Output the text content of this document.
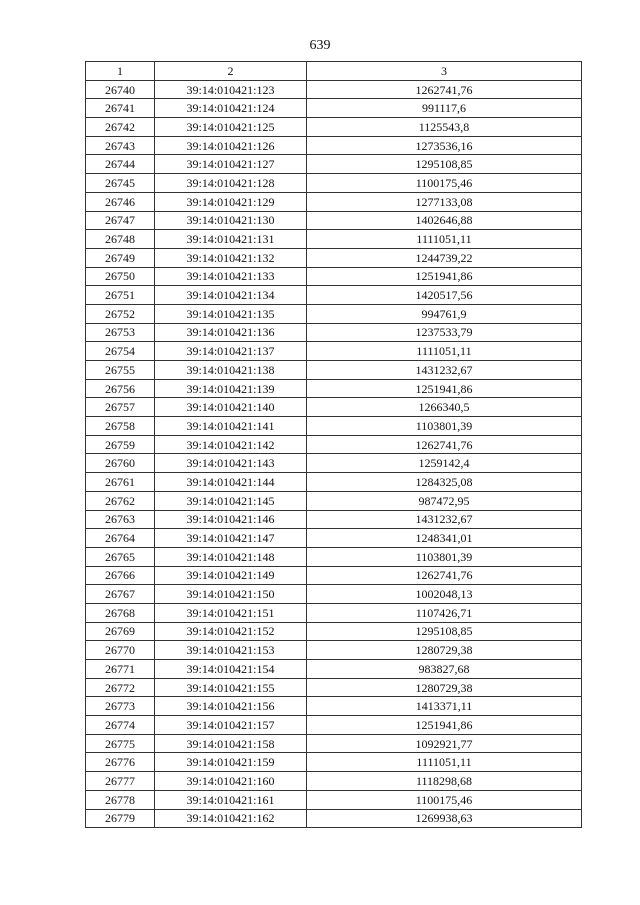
639
1	2	3
26740	39:14:010421:123	1262741,76
26741	39:14:010421:124	991117,6
26742	39:14:010421:125	1125543,8
26743	39:14:010421:126	1273536,16
26744	39:14:010421:127	1295108,85
26745	39:14:010421:128	1100175,46
26746	39:14:010421:129	1277133,08
26747	39:14:010421:130	1402646,88
26748	39:14:010421:131	1111051,11
26749	39:14:010421:132	1244739,22
26750	39:14:010421:133	1251941,86
26751	39:14:010421:134	1420517,56
26752	39:14:010421:135	994761,9
26753	39:14:010421:136	1237533,79
26754	39:14:010421:137	1111051,11
26755	39:14:010421:138	1431232,67
26756	39:14:010421:139	1251941,86
26757	39:14:010421:140	1266340,5
26758	39:14:010421:141	1103801,39
26759	39:14:010421:142	1262741,76
26760	39:14:010421:143	1259142,4
26761	39:14:010421:144	1284325,08
26762	39:14:010421:145	987472,95
26763	39:14:010421:146	1431232,67
26764	39:14:010421:147	1248341,01
26765	39:14:010421:148	1103801,39
26766	39:14:010421:149	1262741,76
26767	39:14:010421:150	1002048,13
26768	39:14:010421:151	1107426,71
26769	39:14:010421:152	1295108,85
26770	39:14:010421:153	1280729,38
26771	39:14:010421:154	983827,68
26772	39:14:010421:155	1280729,38
26773	39:14:010421:156	1413371,11
26774	39:14:010421:157	1251941,86
26775	39:14:010421:158	1092921,77
26776	39:14:010421:159	1111051,11
26777	39:14:010421:160	1118298,68
26778	39:14:010421:161	1100175,46
26779	39:14:010421:162	1269938,63
